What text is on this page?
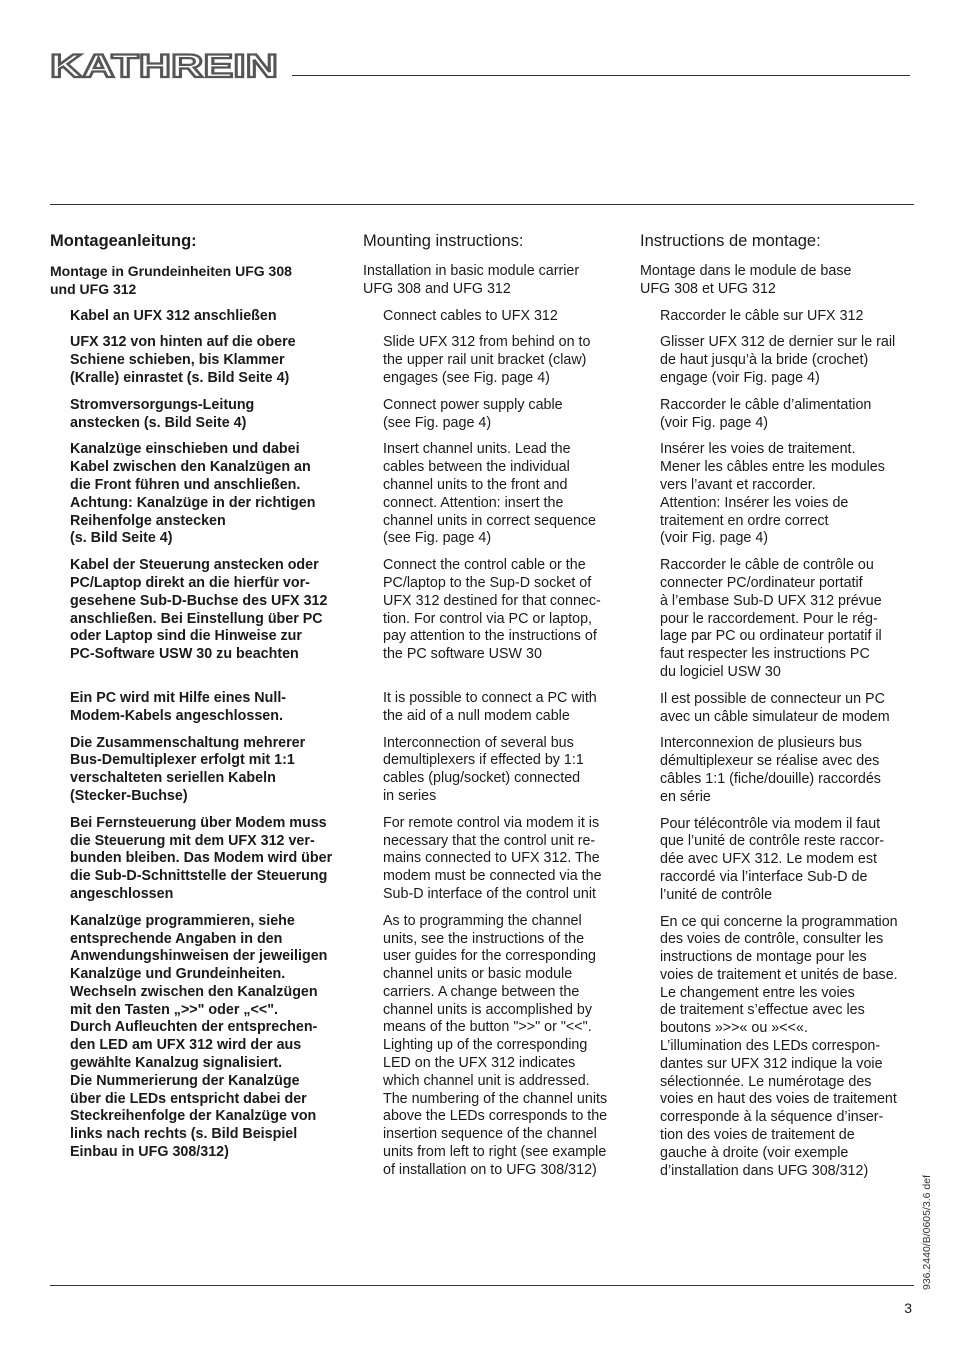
KATHREIN
Montageanleitung:
Montage in Grundeinheiten UFG 308
und UFG 312
Kabel an UFX 312 anschließen
UFX 312 von hinten auf die obere
Schiene schieben, bis Klammer
(Kralle) einrastet (s. Bild Seite 4)
Stromversorgungs-Leitung
anstecken (s. Bild Seite 4)
Kanalzüge einschieben und dabei
Kabel zwischen den Kanalzügen an
die Front führen und anschließen.
Achtung: Kanalzüge in der richtigen
Reihenfolge anstecken
(s. Bild Seite 4)
Kabel der Steuerung anstecken oder
PC/Laptop direkt an die hierfür vor-
gesehene Sub-D-Buchse des UFX 312
anschließen. Bei Einstellung über PC
oder Laptop sind die Hinweise zur
PC-Software USW 30 zu beachten
Ein PC wird mit Hilfe eines Null-
Modem-Kabels angeschlossen.
Die Zusammenschaltung mehrerer
Bus-Demultiplexer erfolgt mit 1:1
verschalteten seriellen Kabeln
(Stecker-Buchse)
Bei Fernsteuerung über Modem muss
die Steuerung mit dem UFX 312 ver-
bunden bleiben. Das Modem wird über
die Sub-D-Schnittstelle der Steuerung
angeschlossen
Kanalzüge programmieren, siehe
entsprechende Angaben in den
Anwendungshinweisen der jeweiligen
Kanalzüge und Grundeinheiten.
Wechseln zwischen den Kanalzügen
mit den Tasten „>>" oder „<<".
Durch Aufleuchten der entsprechen-
den LED am UFX 312 wird der aus
gewählte Kanalzug signalisiert.
Die Nummerierung der Kanalzüge
über die LEDs entspricht dabei der
Steckreihenfolge der Kanalzüge von
links nach rechts (s. Bild Beispiel
Einbau in UFG 308/312)
Mounting instructions:
Installation in basic module carrier
UFG 308 and UFG 312
Connect cables to UFX 312
Slide UFX 312 from behind on to
the upper rail unit bracket (claw)
engages (see Fig. page 4)
Connect power supply cable
(see Fig. page 4)
Insert channel units. Lead the
cables between the individual
channel units to the front and
connect. Attention: insert the
channel units in correct sequence
(see Fig. page 4)
Connect the control cable or the
PC/laptop to the Sup-D socket of
UFX 312 destined for that connec-
tion. For control via PC or laptop,
pay attention to the instructions of
the PC software USW 30
It is possible to connect a PC with
the aid of a null modem cable
Interconnection of several bus
demultiplexers if effected by 1:1
cables (plug/socket) connected
in series
For remote control via modem it is
necessary that the control unit re-
mains connected to UFX 312. The
modem must be connected via the
Sub-D interface of the control unit
As to programming the channel
units, see the instructions of the
user guides for the corresponding
channel units or basic module
carriers. A change between the
channel units is accomplished by
means of the button ">>" or "<<".
Lighting up of the corresponding
LED on the UFX 312 indicates
which channel unit is addressed.
The numbering of the channel units
above the LEDs corresponds to the
insertion sequence of the channel
units from left to right (see example
of installation on to UFG 308/312)
Instructions de montage:
Montage dans le module de base
UFG 308 et UFG 312
Raccorder le câble sur UFX 312
Glisser UFX 312 de dernier sur le rail
de haut jusqu’à la bride (crochet)
engage (voir Fig. page 4)
Raccorder le câble d’alimentation
(voir Fig. page 4)
Insérer les voies de traitement.
Mener les câbles entre les modules
vers l’avant et raccorder.
Attention: Insérer les voies de
traitement en ordre correct
(voir Fig. page 4)
Raccorder le câble de contrôle ou
connecter PC/ordinateur portatif
à l’embase Sub-D UFX 312 prévue
pour le raccordement. Pour le rég-
lage par PC ou ordinateur portatif il
faut respecter les instructions PC
du logiciel USW 30
Il est possible de connecteur un PC
avec un câble simulateur de modem
Interconnexion de plusieurs bus
démultiplexeur se réalise avec des
câbles 1:1 (fiche/douille) raccordés
en série
Pour télécontrôle via modem il faut
que l’unité de contrôle reste raccor-
dée avec UFX 312. Le modem est
raccordé via l’interface Sub-D de
l’unité de contrôle
En ce qui concerne la programmation
des voies de contrôle, consulter les
instructions de montage pour les
voies de traitement et unités de base.
Le changement entre les voies
de traitement s’effectue avec les
boutons »>>« ou »<<«.
L’illumination des LEDs correspon-
dantes sur UFX 312 indique la voie
sélectionnée. Le numérotage des
voies en haut des voies de traitement
corresponde à la séquence d’inser-
tion des voies de traitement de
gauche à droite (voir exemple
d’installation dans UFG 308/312)
936.2440/B/0605/3.6 def
3
